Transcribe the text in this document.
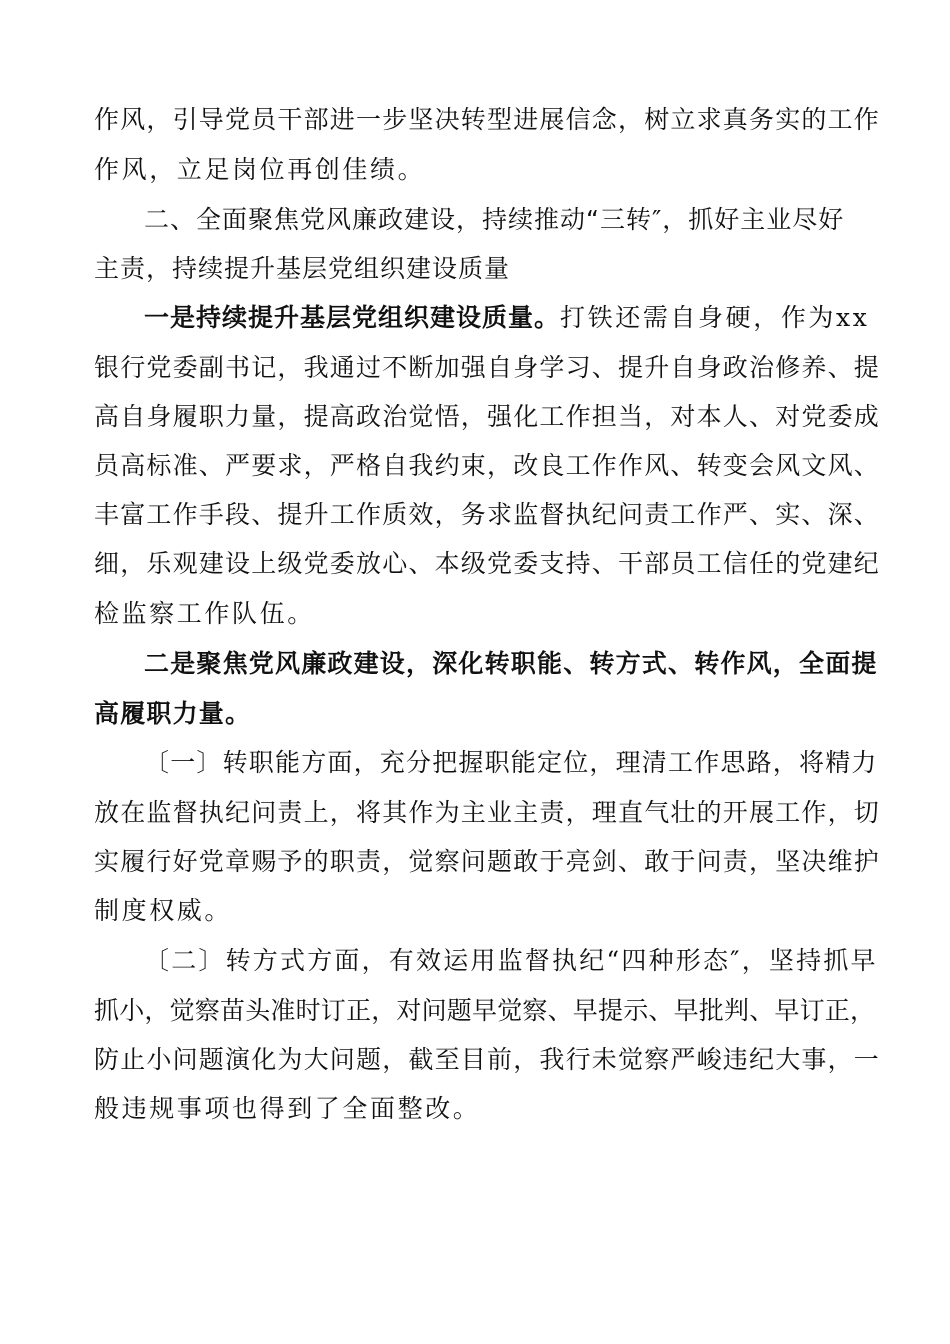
作风，引导党员干部进一步坚决转型进展信念，树立求真务实的工作
作风，立足岗位再创佳绩。
二、全面聚焦党风廉政建设，持续推动“三转″，抓好主业尽好
主责，持续提升基层党组织建设质量
一是持续提升基层党组织建设质量。打铁还需自身硬，作为xx
银行党委副书记，我通过不断加强自身学习、提升自身政治修养、提
高自身履职力量，提高政治觉悟，强化工作担当，对本人、对党委成
员高标准、严要求，严格自我约束，改良工作作风、转变会风文风、
丰富工作手段、提升工作质效，务求监督执纪问责工作严、实、深、
细，乐观建设上级党委放心、本级党委支持、干部员工信任的党建纪
检监察工作队伍。
二是聚焦党风廉政建设，深化转职能、转方式、转作风，全面提
高履职力量。
〔一〕转职能方面，充分把握职能定位，理清工作思路，将精力
放在监督执纪问责上，将其作为主业主责，理直气壮的开展工作，切
实履行好党章赐予的职责，觉察问题敢于亮剑、敢于问责，坚决维护
制度权威。
〔二〕转方式方面，有效运用监督执纪“四种形态″，坚持抓早
抓小，觉察苗头准时订正，对问题早觉察、早提示、早批判、早订正，
防止小问题演化为大问题，截至目前，我行未觉察严峻违纪大事，一
般违规事项也得到了全面整改。
